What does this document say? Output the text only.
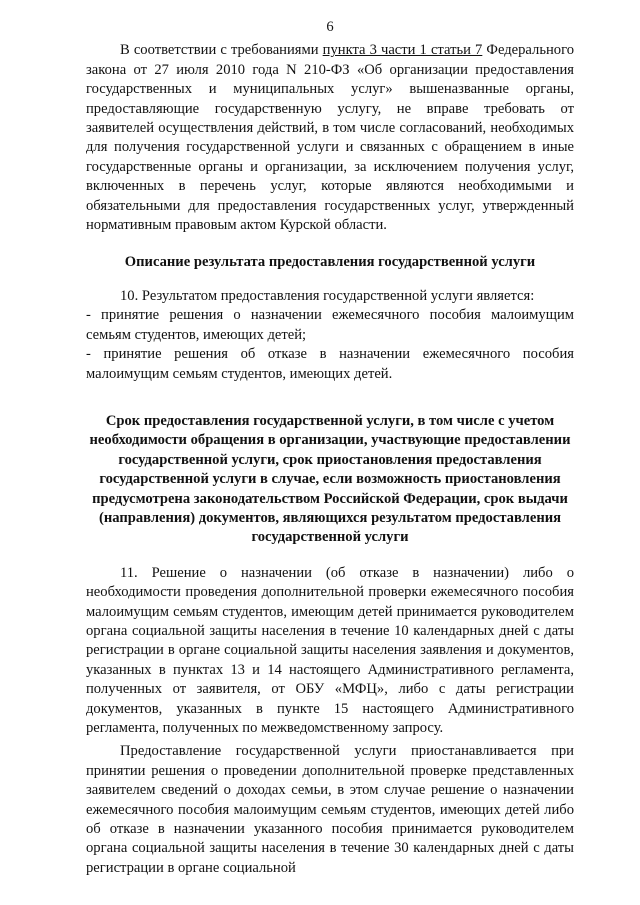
6

В соответствии с требованиями пункта 3 части 1 статьи 7 Федерального закона от 27 июля 2010 года N 210-ФЗ «Об организации предоставления государственных и муниципальных услуг» вышеназванные органы, предоставляющие государственную услугу, не вправе требовать от заявителей осуществления действий, в том числе согласований, необходимых для получения государственной услуги и связанных с обращением в иные государственные органы и организации, за исключением получения услуг, включенных в перечень услуг, которые являются необходимыми и обязательными для предоставления государственных услуг, утвержденный нормативным правовым актом Курской области.

Описание результата предоставления государственной услуги

10. Результатом предоставления государственной услуги является:

- принятие решения о назначении ежемесячного пособия малоимущим семьям студентов, имеющих детей;

- принятие решения об отказе в назначении ежемесячного пособия малоимущим семьям студентов, имеющих детей.

Срок предоставления государственной услуги, в том числе с учетом необходимости обращения в организации, участвующие предоставлении государственной услуги, срок приостановления предоставления государственной услуги в случае, если возможность приостановления предусмотрена законодательством Российской Федерации, срок выдачи (направления) документов, являющихся результатом предоставления государственной услуги

11. Решение о назначении (об отказе в назначении) либо о необходимости проведения дополнительной проверки ежемесячного пособия малоимущим семьям студентов, имеющим детей принимается руководителем органа социальной защиты населения в течение 10 календарных дней с даты регистрации в органе социальной защиты населения заявления и документов, указанных в пунктах 13 и 14 настоящего Административного регламента, полученных от заявителя, от ОБУ «МФЦ», либо с даты регистрации документов, указанных в пункте 15 настоящего Административного регламента, полученных по межведомственному запросу.

Предоставление государственной услуги приостанавливается при принятии решения о проведении дополнительной проверке представленных заявителем сведений о доходах семьи, в этом случае решение о назначении ежемесячного пособия малоимущим семьям студентов, имеющих детей либо об отказе в назначении указанного пособия принимается руководителем органа социальной защиты населения в течение 30 календарных дней с даты регистрации в органе социальной
